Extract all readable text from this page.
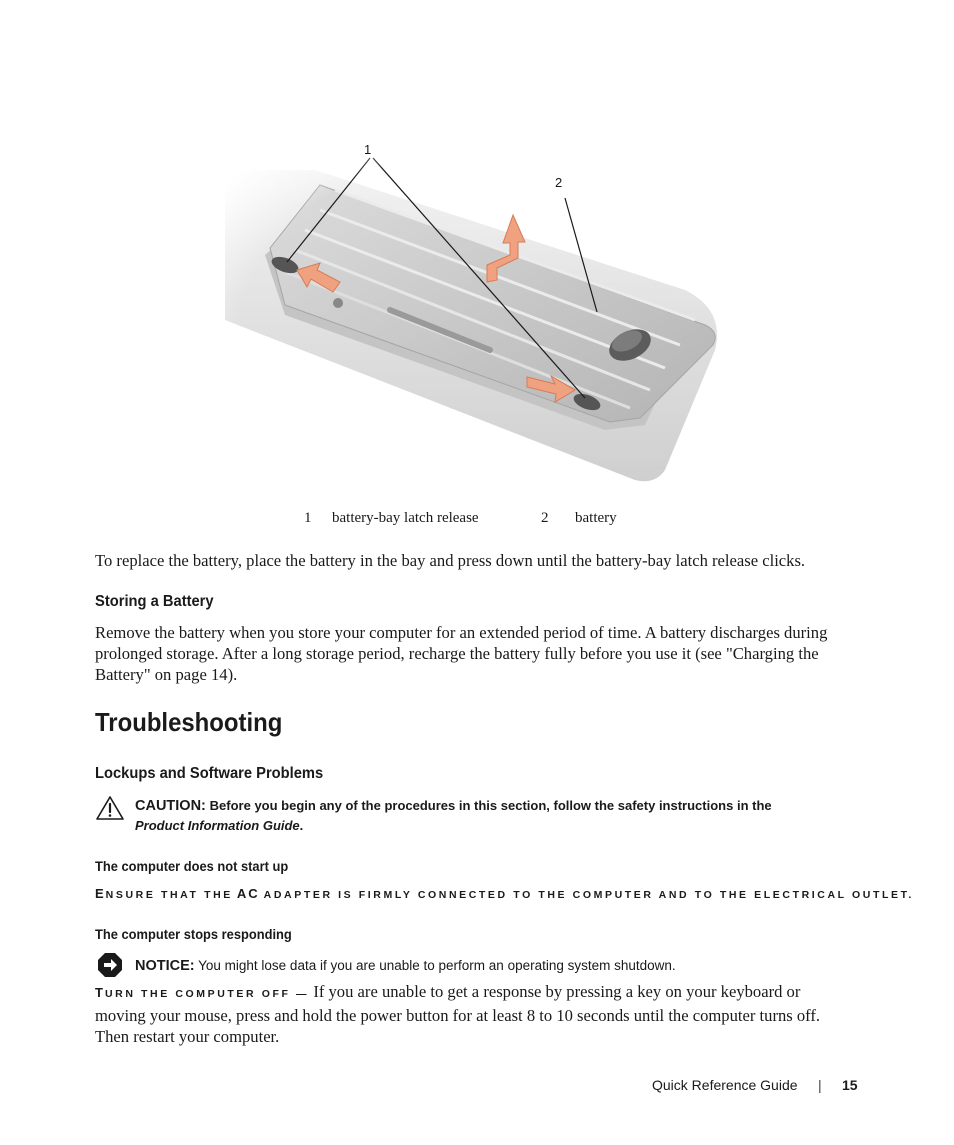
1
2
1 battery-bay latch release	2 battery

To replace the battery, place the battery in the bay and press down until the battery-bay latch release clicks.

Storing a Battery

Remove the battery when you store your computer for an extended period of time. A battery discharges during prolonged storage. After a long storage period, recharge the battery fully before you use it (see "Charging the Battery" on page 14).

Troubleshooting
Lockups and Software Problems
CAUTION: Before you begin any of the procedures in this section, follow the safety instructions in the
Product Information Guide.
The computer does not start up
ENSURE THAT THE AC ADAPTER IS FIRMLY CONNECTED TO THE COMPUTER AND TO THE ELECTRICAL OUTLET.
The computer stops responding
NOTICE: You might lose data if you are unable to perform an operating system shutdown.

TURN THE COMPUTER OFF — If you are unable to get a response by pressing a key on your keyboard or moving your mouse, press and hold the power button for at least 8 to 10 seconds until the computer turns off. Then restart your computer.

Quick Reference Guide | 15
